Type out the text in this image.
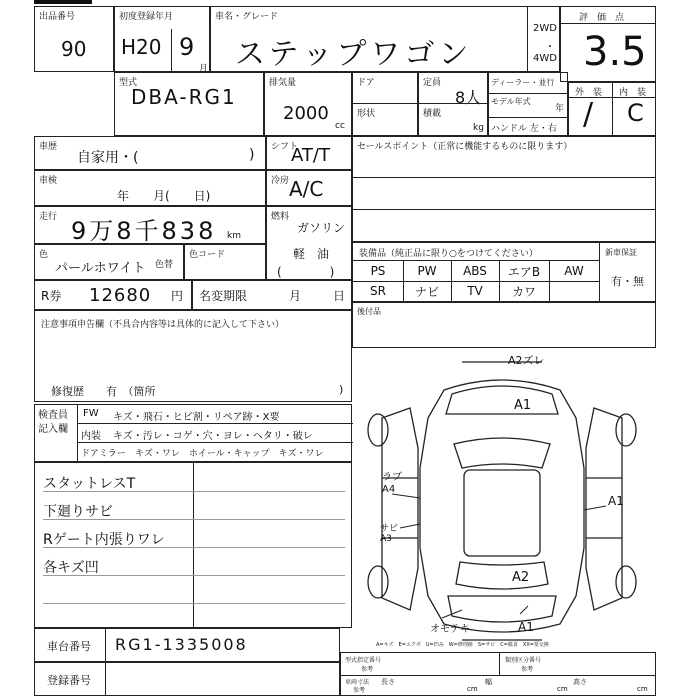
出品番号
90
初度登録年月
H20 9
月
車名・グレード
ステップワゴン
2WD
・
4WD
評　価　点
3.5
型式
DBA-RG1
排気量
2000
cc
ドア
形状
定員
8人
積載
kg
ディーラー・並行
モデル年式
年
ハンドル 左・右
外　装 内　装
/ C
車歴
自家用・(	) シフト
AT/T
車検
年　　月(　　日)
冷房 A/C
走行 9万8千838 km
燃料
ガソリン
軽　油
(　　　　)
色
パールホワイト 色替
色コード
R券 12680 円 名変期限	月	日
セールスポイント（正常に機能するものに限ります）
装備品（純正品に限り○をつけてください）	新車保証
有・無
PS	PW	ABS	エアB	AW
SR	ナビ	TV	カワ
後付品
注意事項申告欄（不具合内容等は具体的に記入して下さい）
修復歴　　有　（箇所	)
検査員記入欄
FW キズ・飛石・ヒビ割・リペア跡・X要
内装 キズ・汚レ・コゲ・穴・ヨレ・ヘタリ・破レ
ドアミラー キズ・ワレ　ホイール・キャップ　キズ・ワレ
スタットレスT
下廻りサビ
Rゲート内張りワレ
各キズ凹
A2ズレ
A1
ラブ A4
A1
サビ A3
A2
オモテキ	A1
A=キズ　E=エクボ　U=凹み　W=修理跡　S=サビ　C=腐食　XX=要交換
車台番号 RG1-1335008
登録番号
型式指定番号
参考
類別区分番号
参考
車両寸法
参考
長さ
cm
幅
cm
高さ
cm
